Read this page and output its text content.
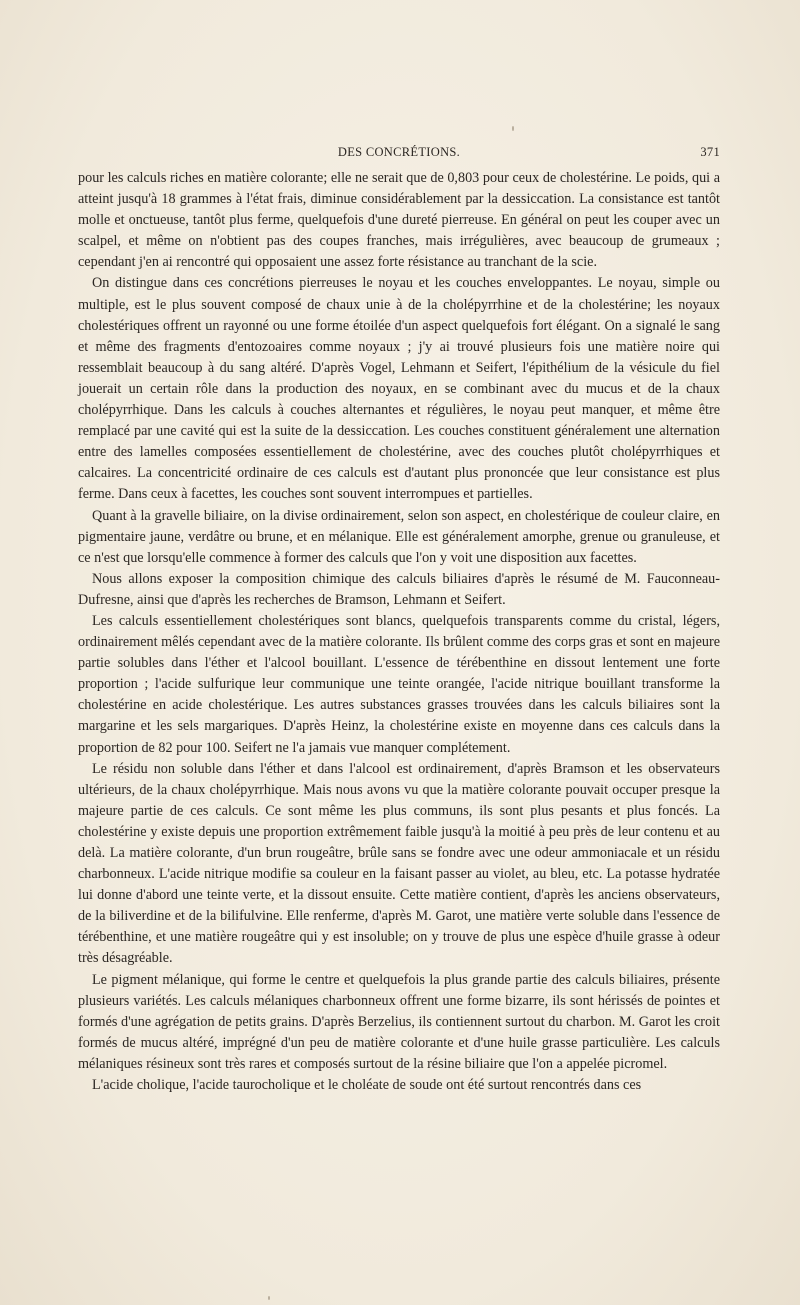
DES CONCRÉTIONS.	371

pour les calculs riches en matière colorante; elle ne serait que de 0,803 pour ceux de cholestérine. Le poids, qui a atteint jusqu'à 18 grammes à l'état frais, diminue considérablement par la dessiccation. La consistance est tantôt molle et onctueuse, tantôt plus ferme, quelquefois d'une dureté pierreuse. En général on peut les couper avec un scalpel, et même on n'obtient pas des coupes franches, mais irrégulières, avec beaucoup de grumeaux ; cependant j'en ai rencontré qui opposaient une assez forte résistance au tranchant de la scie.

On distingue dans ces concrétions pierreuses le noyau et les couches enveloppantes. Le noyau, simple ou multiple, est le plus souvent composé de chaux unie à de la cholépyrrhine et de la cholestérine; les noyaux cholestériques offrent un rayonné ou une forme étoilée d'un aspect quelquefois fort élégant. On a signalé le sang et même des fragments d'entozoaires comme noyaux ; j'y ai trouvé plusieurs fois une matière noire qui ressemblait beaucoup à du sang altéré. D'après Vogel, Lehmann et Seifert, l'épithélium de la vésicule du fiel jouerait un certain rôle dans la production des noyaux, en se combinant avec du mucus et de la chaux cholépyrrhique. Dans les calculs à couches alternantes et régulières, le noyau peut manquer, et même être remplacé par une cavité qui est la suite de la dessiccation. Les couches constituent généralement une alternation entre des lamelles composées essentiellement de cholestérine, avec des couches plutôt cholépyrrhiques et calcaires. La concentricité ordinaire de ces calculs est d'autant plus prononcée que leur consistance est plus ferme. Dans ceux à facettes, les couches sont souvent interrompues et partielles.

Quant à la gravelle biliaire, on la divise ordinairement, selon son aspect, en cholestérique de couleur claire, en pigmentaire jaune, verdâtre ou brune, et en mélanique. Elle est généralement amorphe, grenue ou granuleuse, et ce n'est que lorsqu'elle commence à former des calculs que l'on y voit une disposition aux facettes.

Nous allons exposer la composition chimique des calculs biliaires d'après le résumé de M. Fauconneau-Dufresne, ainsi que d'après les recherches de Bramson, Lehmann et Seifert.

Les calculs essentiellement cholestériques sont blancs, quelquefois transparents comme du cristal, légers, ordinairement mêlés cependant avec de la matière colorante. Ils brûlent comme des corps gras et sont en majeure partie solubles dans l'éther et l'alcool bouillant. L'essence de térébenthine en dissout lentement une forte proportion ; l'acide sulfurique leur communique une teinte orangée, l'acide nitrique bouillant transforme la cholestérine en acide cholestérique. Les autres substances grasses trouvées dans les calculs biliaires sont la margarine et les sels margariques. D'après Heinz, la cholestérine existe en moyenne dans ces calculs dans la proportion de 82 pour 100. Seifert ne l'a jamais vue manquer complétement.

Le résidu non soluble dans l'éther et dans l'alcool est ordinairement, d'après Bramson et les observateurs ultérieurs, de la chaux cholépyrrhique. Mais nous avons vu que la matière colorante pouvait occuper presque la majeure partie de ces calculs. Ce sont même les plus communs, ils sont plus pesants et plus foncés. La cholestérine y existe depuis une proportion extrêmement faible jusqu'à la moitié à peu près de leur contenu et au delà. La matière colorante, d'un brun rougeâtre, brûle sans se fondre avec une odeur ammoniacale et un résidu charbonneux. L'acide nitrique modifie sa couleur en la faisant passer au violet, au bleu, etc. La potasse hydratée lui donne d'abord une teinte verte, et la dissout ensuite. Cette matière contient, d'après les anciens observateurs, de la biliverdine et de la bilifulvine. Elle renferme, d'après M. Garot, une matière verte soluble dans l'essence de térébenthine, et une matière rougeâtre qui y est insoluble; on y trouve de plus une espèce d'huile grasse à odeur très désagréable.

Le pigment mélanique, qui forme le centre et quelquefois la plus grande partie des calculs biliaires, présente plusieurs variétés. Les calculs mélaniques charbonneux offrent une forme bizarre, ils sont hérissés de pointes et formés d'une agrégation de petits grains. D'après Berzelius, ils contiennent surtout du charbon. M. Garot les croit formés de mucus altéré, imprégné d'un peu de matière colorante et d'une huile grasse particulière. Les calculs mélaniques résineux sont très rares et composés surtout de la résine biliaire que l'on a appelée picromel.

L'acide cholique, l'acide taurocholique et le choléate de soude ont été surtout rencontrés dans ces
